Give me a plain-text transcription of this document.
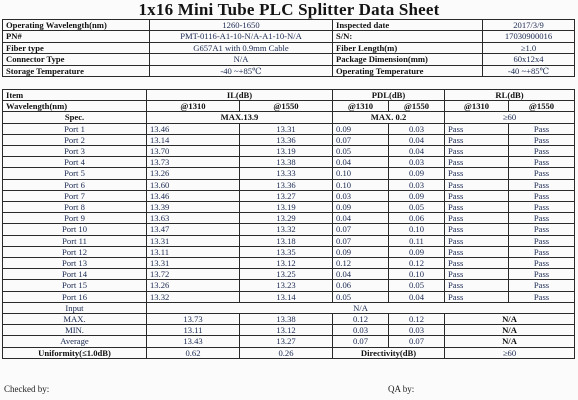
1x16 Mini Tube PLC Splitter Data Sheet
Operating Wavelength(nm)	1260-1650	Inspected date	2017/3/9
PN#	PMT-0116-A1-10-N/A-A1-10-N/A	S/N:	17030900016
Fiber type	G657A1 with 0.9mm Cable	Fiber Length(m)	≥1.0
Connector Type	N/A	Package Dimension(mm)	60x12x4
Storage Temperature	-40 ~+85℃	Operating Temperature	-40 ~+85℃
Item	IL(dB)		PDL(dB)		RL(dB)	
Wavelength(nm)	@1310	@1550	@1310	@1550	@1310	@1550
Spec.	MAX.13.9		MAX. 0.2		≥60	
Port 1	13.46	13.31	0.09	0.03	Pass	Pass
Port 2	13.14	13.36	0.07	0.04	Pass	Pass
Port 3	13.70	13.19	0.05	0.04	Pass	Pass
Port 4	13.73	13.38	0.04	0.03	Pass	Pass
Port 5	13.26	13.33	0.10	0.09	Pass	Pass
Port 6	13.60	13.36	0.10	0.03	Pass	Pass
Port 7	13.46	13.27	0.03	0.09	Pass	Pass
Port 8	13.39	13.19	0.09	0.05	Pass	Pass
Port 9	13.63	13.29	0.04	0.06	Pass	Pass
Port 10	13.47	13.32	0.07	0.10	Pass	Pass
Port 11	13.31	13.18	0.07	0.11	Pass	Pass
Port 12	13.11	13.35	0.09	0.09	Pass	Pass
Port 13	13.31	13.12	0.12	0.12	Pass	Pass
Port 14	13.72	13.25	0.04	0.10	Pass	Pass
Port 15	13.26	13.23	0.06	0.05	Pass	Pass
Port 16	13.32	13.14	0.05	0.04	Pass	Pass
Input	N/A					
MAX.	13.73	13.38	0.12	0.12	N/A	
MIN.	13.11	13.12	0.03	0.03	N/A	
Average	13.43	13.27	0.07	0.07	N/A	
Uniformity(≤1.0dB)	0.62	0.26	Directivity(dB)		≥60	
Checked by:	QA by:
